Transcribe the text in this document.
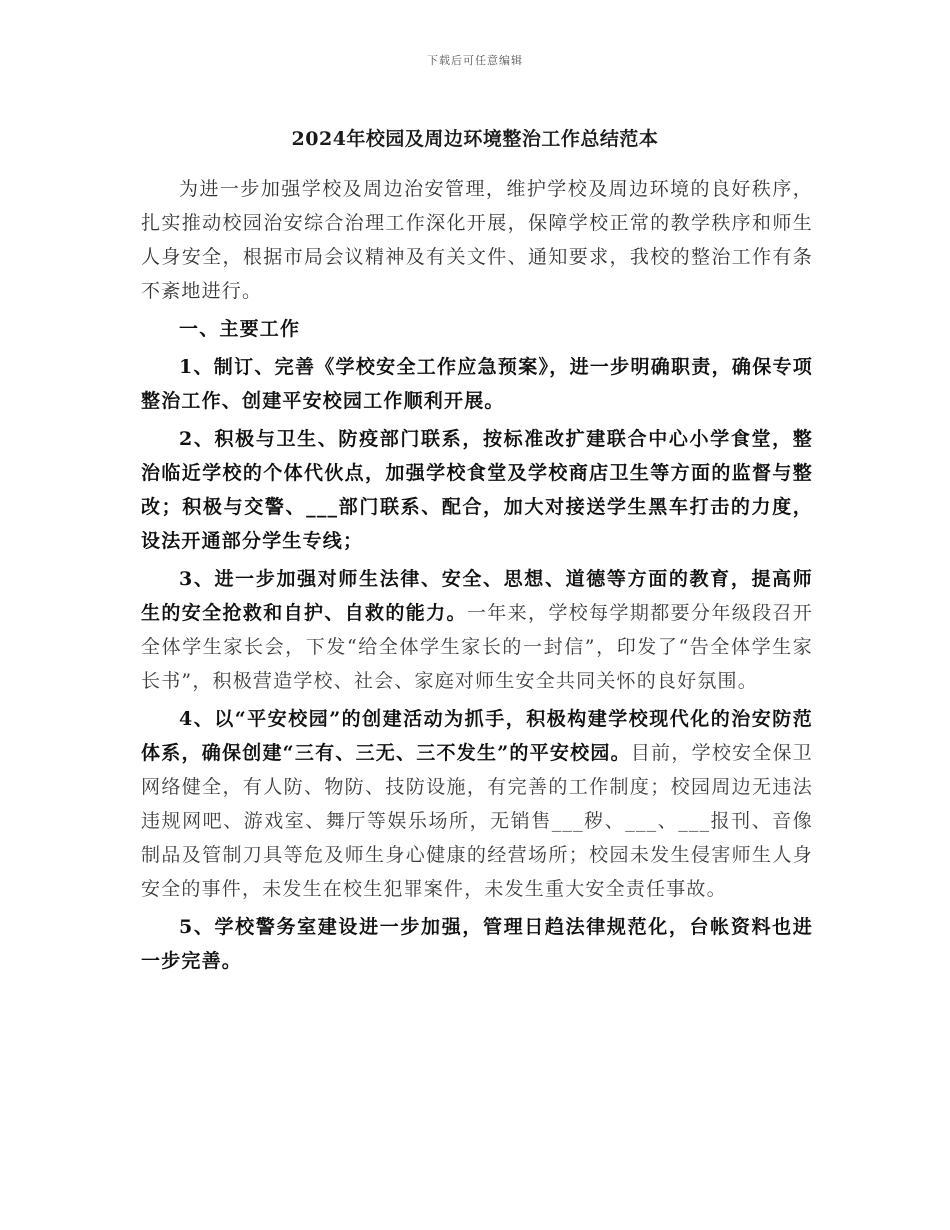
下载后可任意编辑
2024年校园及周边环境整治工作总结范本

为进一步加强学校及周边治安管理，维护学校及周边环境的良好秩序，扎实推动校园治安综合治理工作深化开展，保障学校正常的教学秩序和师生人身安全，根据市局会议精神及有关文件、通知要求，我校的整治工作有条不紊地进行。

一、主要工作

1、制订、完善《学校安全工作应急预案》，进一步明确职责，确保专项整治工作、创建平安校园工作顺利开展。

2、积极与卫生、防疫部门联系，按标准改扩建联合中心小学食堂，整治临近学校的个体代伙点，加强学校食堂及学校商店卫生等方面的监督与整改；积极与交警、___部门联系、配合，加大对接送学生黑车打击的力度，设法开通部分学生专线；

3、进一步加强对师生法律、安全、思想、道德等方面的教育，提高师生的安全抢救和自护、自救的能力。一年来，学校每学期都要分年级段召开全体学生家长会，下发“给全体学生家长的一封信”，印发了“告全体学生家长书”，积极营造学校、社会、家庭对师生安全共同关怀的良好氛围。

4、以“平安校园”的创建活动为抓手，积极构建学校现代化的治安防范体系，确保创建“三有、三无、三不发生”的平安校园。目前，学校安全保卫网络健全，有人防、物防、技防设施，有完善的工作制度；校园周边无违法违规网吧、游戏室、舞厅等娱乐场所，无销售___秽、___、___报刊、音像制品及管制刀具等危及师生身心健康的经营场所；校园未发生侵害师生人身安全的事件，未发生在校生犯罪案件，未发生重大安全责任事故。

5、学校警务室建设进一步加强，管理日趋法律规范化，台帐资料也进一步完善。
